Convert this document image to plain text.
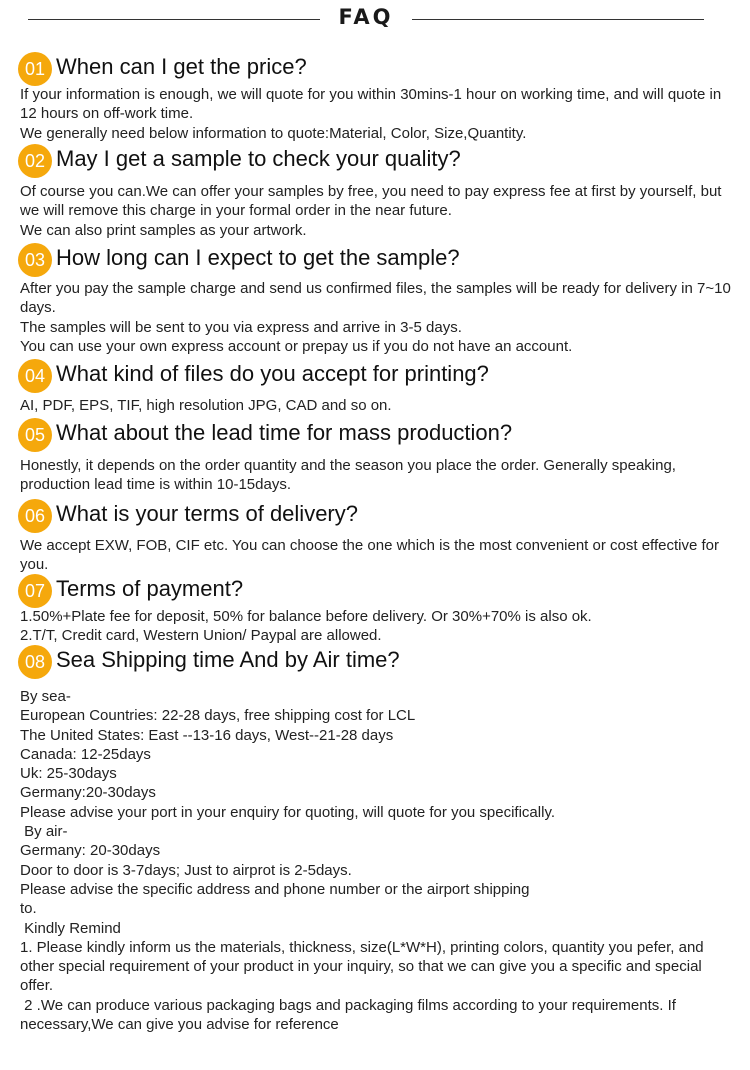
FAQ
01 When can I get the price?

If your information is enough, we will quote for you within 30mins-1 hour on working time, and will quote in 12 hours on off-work time.

We generally need below information to quote:Material, Color, Size,Quantity.

02 May I get a sample to check your quality?

Of course you can.We can offer your samples by free, you need to pay express fee at first by yourself, but we will remove this charge in your formal order in the near future.

We can also print samples as your artwork.

03 How long can I expect to get the sample?

After you pay the sample charge and send us confirmed files, the samples will be ready for delivery in 7~10 days.

The samples will be sent to you via express and arrive in 3-5 days.

You can use your own express account or prepay us if you do not have an account.

04 What kind of files do you accept for printing?

AI, PDF, EPS, TIF, high resolution JPG, CAD and so on.

05 What about the lead time for mass production?

Honestly, it depends on the order quantity and the season you place the order. Generally speaking, production lead time is within 10-15days.

06 What is your terms of delivery?

We accept EXW, FOB, CIF etc. You can choose the one which is the most convenient or cost effective for you.

07 Terms of payment?

1.50%+Plate fee for deposit, 50% for balance before delivery. Or 30%+70% is also ok.

2.T/T, Credit card, Western Union/ Paypal are allowed.

08 Sea Shipping time And by Air time?

By sea-

European Countries: 22-28 days, free shipping cost for LCL

The United States: East --13-16 days, West--21-28 days

Canada: 12-25days

Uk: 25-30days

Germany:20-30days

Please advise your port in your enquiry for quoting, will quote for you specifically.

By air-

Germany: 20-30days

Door to door is 3-7days; Just to airprot is 2-5days.

Please advise the specific address and phone number or the airport shipping

to.

Kindly Remind

1. Please kindly inform us the materials, thickness, size(L*W*H), printing colors, quantity you pefer, and other special requirement of your product in your inquiry, so that we can give you a specific and special offer.

2 .We can produce various packaging bags and packaging films according to your requirements. If necessary,We can give you advise for reference
